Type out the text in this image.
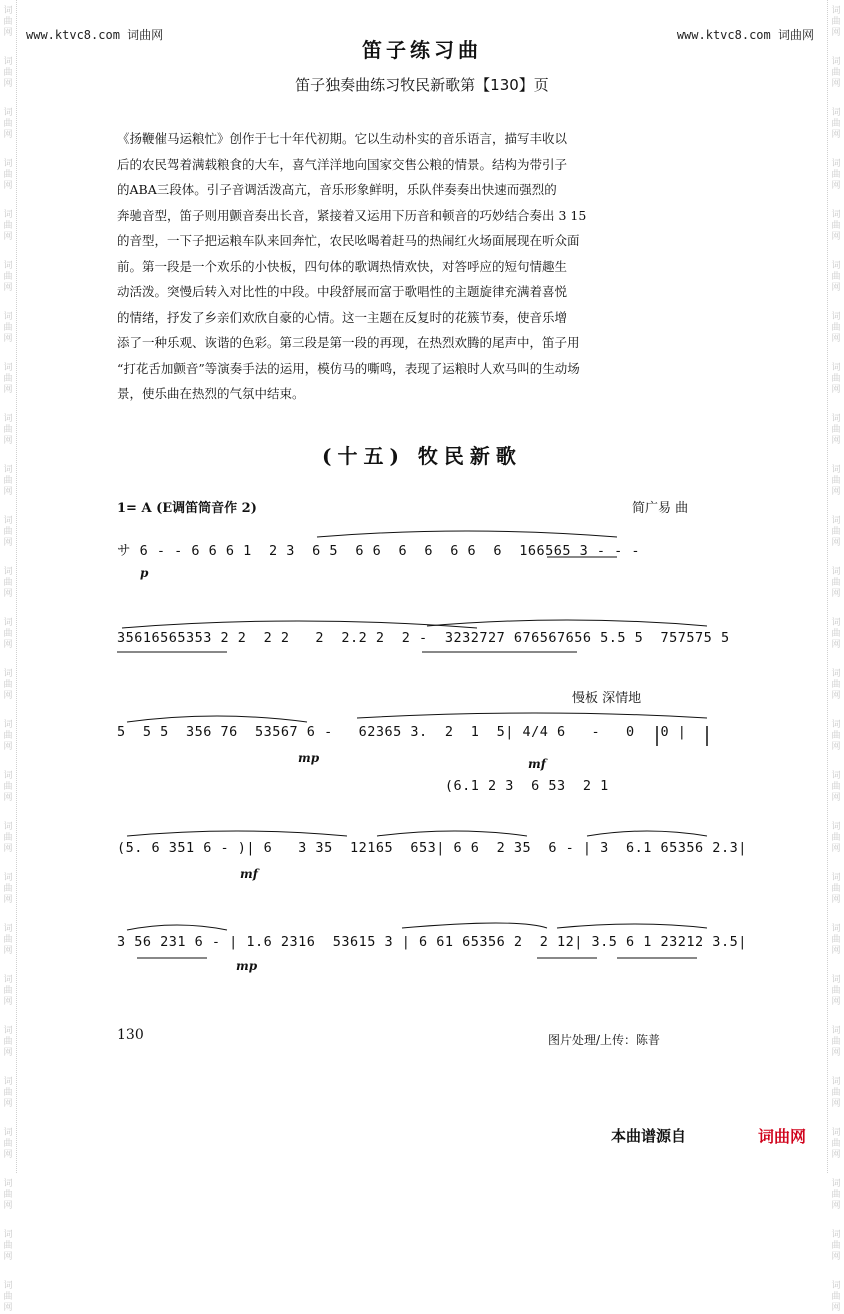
词
曲
网
词
曲
网
词
曲
网
词
曲
网
词
曲
网
词
曲
网
词
曲
网
词
曲
网
词
曲
网
词
曲
网
词
曲
网
词
曲
网
词
曲
网
词
曲
网
词
曲
网
词
曲
网
词
曲
网
词
曲
网
词
曲
网
词
曲
网
词
曲
网
词
曲
网
词
曲
网
词
曲
网
词
曲
网
词
曲
网
词
曲
网
词
曲
网
词
曲
网
词
曲
网
词
曲
网
词
曲
网
词
曲
网
词
曲
网
词
曲
网
词
曲
网
词
曲
网
词
曲
网
词
曲
网
词
曲
网
词
曲
网
词
曲
网
词
曲
网
词
曲
网
词
曲
网
词
曲
网
词
曲
网
词
曲
网
词
曲
网
词
曲
网
词
曲
网
词
曲
网
www.ktvc8.com 词曲网	www.ktvc8.com 词曲网
笛子练习曲
笛子独奏曲练习牧民新歌第【130】页

《扬鞭催马运粮忙》创作于七十年代初期。它以生动朴实的音乐语言，描写丰收以

后的农民驾着满载粮食的大车，喜气洋洋地向国家交售公粮的情景。结构为带引子

的ABA三段体。引子音调活泼高亢，音乐形象鲜明，乐队伴奏奏出快速而强烈的

奔驰音型，笛子则用颤音奏出长音，紧接着又运用下历音和顿音的巧妙结合奏出 3 15

的音型，一下子把运粮车队来回奔忙，农民吆喝着赶马的热闹红火场面展现在听众面

前。第一段是一个欢乐的小快板，四句体的歌调热情欢快，对答呼应的短句情趣生

动活泼。突慢后转入对比性的中段。中段舒展而富于歌唱性的主题旋律充满着喜悦

的情绪，抒发了乡亲们欢欣自豪的心情。这一主题在反复时的花簇节奏，使音乐增

添了一种乐观、诙谐的色彩。第三段是第一段的再现，在热烈欢腾的尾声中，笛子用

“打花舌加颤音”等演奏手法的运用，模仿马的嘶鸣，表现了运粮时人欢马叫的生动场

景，使乐曲在热烈的气氛中结束。

(十五) 牧民新歌
1= A (E调笛筒音作 2)	简广易 曲

サ 6 - - 6 6 6 1  2 3  6 5  6 6  6  6  6 6  6  166565 3 - - -

p

35616565353 2 2  2 2   2  2.2 2  2 -  3232727 676567656 5.5 5  757575 5

慢板 深情地

5  5 5  356 76  53567 6 -   62365 3.  2  1  5| 4/4 6   -   0   0 |

mp	mf

(6.1 2 3  6 53  2 1

(5. 6 351 6 - )| 6   3 35  12165  653| 6 6  2 35  6 - | 3  6.1 65356 2.3|

mf

3 56 231 6 - | 1.6 2316  53615 3 | 6 61 65356 2  2 12| 3.5 6 1 23212 3.5|

mp
130	图片处理/上传：陈普
本曲谱源自	词曲网
